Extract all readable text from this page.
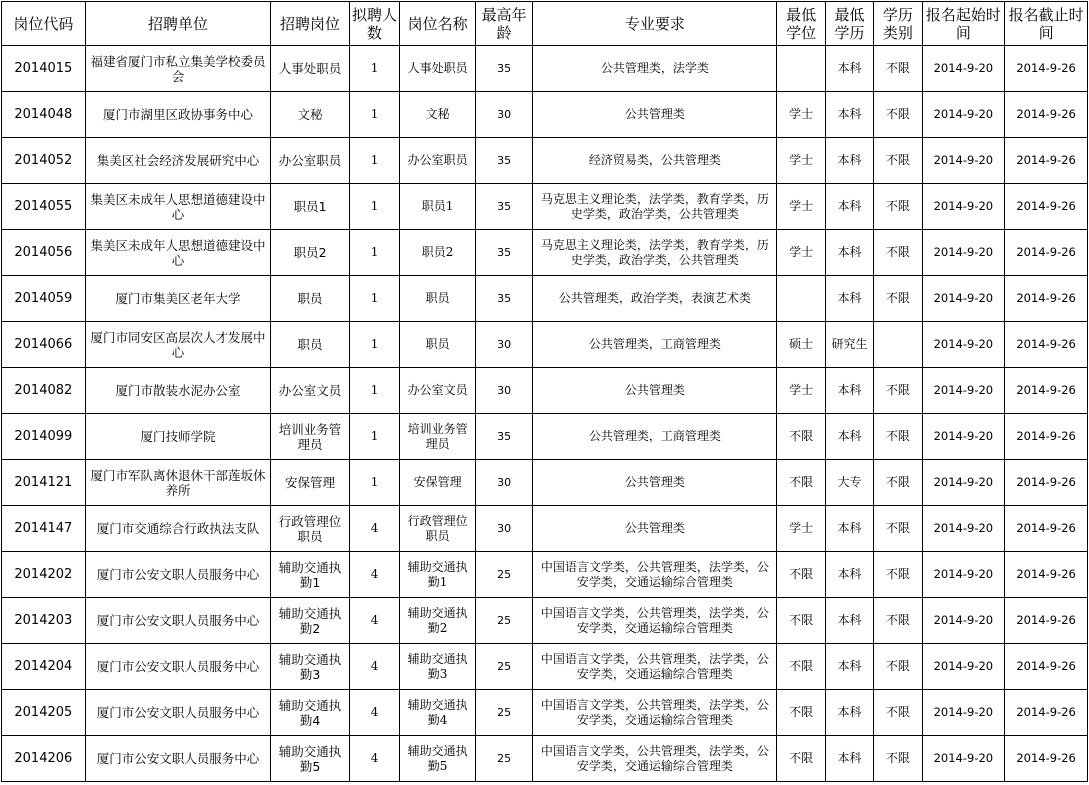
岗位代码	招聘单位	招聘岗位	拟聘人数	岗位名称	最高年龄	专业要求	最低学位	最低学历	学历类别	报名起始时间	报名截止时间
2014015	福建省厦门市私立集美学校委员会	人事处职员	1	人事处职员	35	公共管理类，法学类		本科	不限	2014-9-20	2014-9-26
2014048	厦门市湖里区政协事务中心	文秘	1	文秘	30	公共管理类	学士	本科	不限	2014-9-20	2014-9-26
2014052	集美区社会经济发展研究中心	办公室职员	1	办公室职员	35	经济贸易类，公共管理类	学士	本科	不限	2014-9-20	2014-9-26
2014055	集美区未成年人思想道德建设中心	职员1	1	职员1	35	马克思主义理论类，法学类，教育学类，历史学类，政治学类，公共管理类	学士	本科	不限	2014-9-20	2014-9-26
2014056	集美区未成年人思想道德建设中心	职员2	1	职员2	35	马克思主义理论类，法学类，教育学类，历史学类，政治学类，公共管理类	学士	本科	不限	2014-9-20	2014-9-26
2014059	厦门市集美区老年大学	职员	1	职员	35	公共管理类，政治学类，表演艺术类		本科	不限	2014-9-20	2014-9-26
2014066	厦门市同安区高层次人才发展中心	职员	1	职员	30	公共管理类，工商管理类	硕士	研究生		2014-9-20	2014-9-26
2014082	厦门市散装水泥办公室	办公室文员	1	办公室文员	30	公共管理类	学士	本科	不限	2014-9-20	2014-9-26
2014099	厦门技师学院	培训业务管理员	1	培训业务管理员	35	公共管理类，工商管理类	不限	本科	不限	2014-9-20	2014-9-26
2014121	厦门市军队离休退休干部莲坂休养所	安保管理	1	安保管理	30	公共管理类	不限	大专	不限	2014-9-20	2014-9-26
2014147	厦门市交通综合行政执法支队	行政管理位职员	4	行政管理位职员	30	公共管理类	学士	本科	不限	2014-9-20	2014-9-26
2014202	厦门市公安文职人员服务中心	辅助交通执勤1	4	辅助交通执勤1	25	中国语言文学类，公共管理类，法学类，公安学类，交通运输综合管理类	不限	本科	不限	2014-9-20	2014-9-26
2014203	厦门市公安文职人员服务中心	辅助交通执勤2	4	辅助交通执勤2	25	中国语言文学类，公共管理类，法学类，公安学类，交通运输综合管理类	不限	本科	不限	2014-9-20	2014-9-26
2014204	厦门市公安文职人员服务中心	辅助交通执勤3	4	辅助交通执勤3	25	中国语言文学类，公共管理类，法学类，公安学类，交通运输综合管理类	不限	本科	不限	2014-9-20	2014-9-26
2014205	厦门市公安文职人员服务中心	辅助交通执勤4	4	辅助交通执勤4	25	中国语言文学类，公共管理类，法学类，公安学类，交通运输综合管理类	不限	本科	不限	2014-9-20	2014-9-26
2014206	厦门市公安文职人员服务中心	辅助交通执勤5	4	辅助交通执勤5	25	中国语言文学类，公共管理类，法学类，公安学类，交通运输综合管理类	不限	本科	不限	2014-9-20	2014-9-26
